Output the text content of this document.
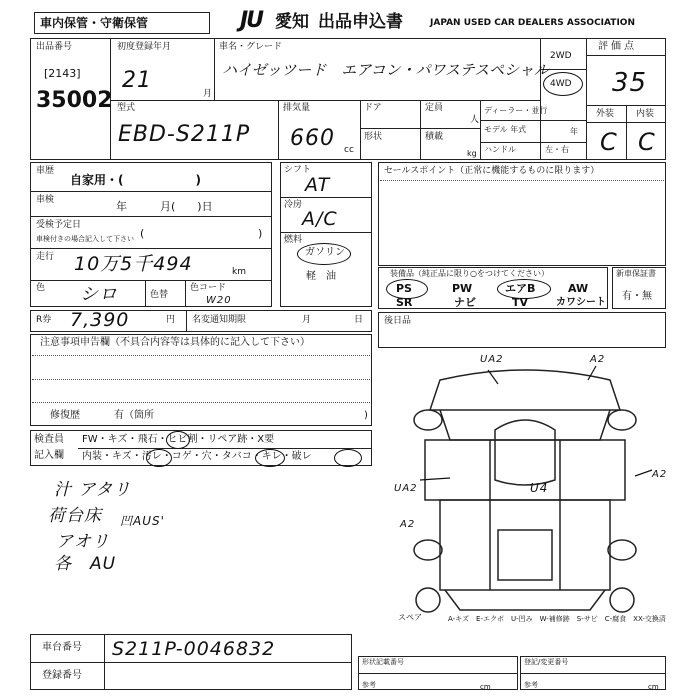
車内保管・守衛保管	JU 愛知 出品申込書	JAPAN USED CAR DEALERS ASSOCIATION
出品番号
[2143]
35002
初度登録年月
21
月
車名・グレード
ハイゼッツード　エアコン・パワステスペシャル
2WD
4WD
評価点
35
型式
EBD-S211P
排気量
660 cc
ドア
形状
定員
人
積載
kg
ディーラー・並行
モデル 年式	年
ハンドル	左・右
外装 内装
C C
車歴
自家用・(　　　　　　)
車検	年　　　月(　　)日
受検予定日
車検付きの場合記入して下さい (	)
走行 10万5千494	km
色 シロ	色替
色コード
W20
R券 7,390	円 名変通知期限	月	日
シフト
AT
冷房
A/C
燃料
ガソリン
軽　油
セールスポイント（正常に機能するものに限ります）
装備品（純正品に限り○をつけてください）
PS	PW	エアB	AW
SR	ナビ	TV	カワシート
新車保証書
有・無
後日品
注意事項申告欄（不具合内容等は具体的に記入して下さい）
修復歴	有（箇所	)
検査員
記入欄
FW・キズ・飛石・ヒビ割・リペア跡・X要
内装・キズ・汚レ・コゲ・穴・タバコ・キレ・破レ
汁 アタリ
荷台床 凹AUS'
アオリ
各　AU
UA2	A2
UA2
A2
U4
A2
スペア	A-キズ　E-エクボ　U-凹み　W-補修跡　S-サビ　C-腐食　XX-交換済
車台番号 S211P-0046832
登録番号
形状記載番号
参考	cm
登記/変更番号
参考	cm
